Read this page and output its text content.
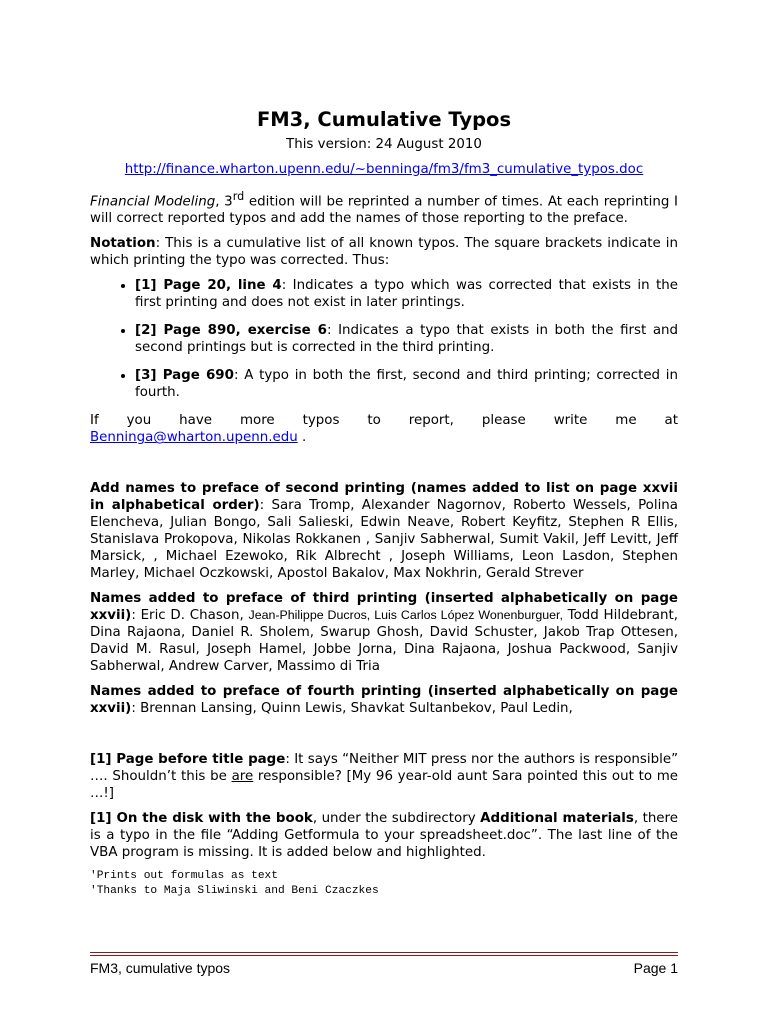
FM3, Cumulative Typos
This version: 24 August 2010
http://finance.wharton.upenn.edu/~benninga/fm3/fm3_cumulative_typos.doc

Financial Modeling, 3rd edition will be reprinted a number of times. At each reprinting I will correct reported typos and add the names of those reporting to the preface.

Notation: This is a cumulative list of all known typos. The square brackets indicate in which printing the typo was corrected. Thus:

• [1] Page 20, line 4: Indicates a typo which was corrected that exists in the first printing and does not exist in later printings.
• [2] Page 890, exercise 6: Indicates a typo that exists in both the first and second printings but is corrected in the third printing.
• [3] Page 690: A typo in both the first, second and third printing; corrected in fourth.
If you have more typos to report, please write me at
Benninga@wharton.upenn.edu .

Add names to preface of second printing (names added to list on page xxvii in alphabetical order): Sara Tromp, Alexander Nagornov, Roberto Wessels, Polina Elencheva, Julian Bongo, Sali Salieski, Edwin Neave, Robert Keyfitz, Stephen R Ellis, Stanislava Prokopova, Nikolas Rokkanen , Sanjiv Sabherwal, Sumit Vakil, Jeff Levitt, Jeff Marsick, , Michael Ezewoko, Rik Albrecht , Joseph Williams, Leon Lasdon, Stephen Marley, Michael Oczkowski, Apostol Bakalov, Max Nokhrin, Gerald Strever

Names added to preface of third printing (inserted alphabetically on page xxvii): Eric D. Chason, Jean-Philippe Ducros, Luis Carlos López Wonenburguer, Todd Hildebrant, Dina Rajaona, Daniel R. Sholem, Swarup Ghosh, David Schuster, Jakob Trap Ottesen, David M. Rasul, Joseph Hamel, Jobbe Jorna, Dina Rajaona, Joshua Packwood, Sanjiv Sabherwal, Andrew Carver, Massimo di Tria

Names added to preface of fourth printing (inserted alphabetically on page xxvii): Brennan Lansing, Quinn Lewis, Shavkat Sultanbekov, Paul Ledin,

[1] Page before title page: It says “Neither MIT press nor the authors is responsible” …. Shouldn’t this be are responsible? [My 96 year-old aunt Sara pointed this out to me …!]

[1] On the disk with the book, under the subdirectory Additional materials, there is a typo in the file “Adding Getformula to your spreadsheet.doc”. The last line of the VBA program is missing. It is added below and highlighted.

'Prints out formulas as text
'Thanks to Maja Sliwinski and Beni Czaczkes
FM3, cumulative typos	Page 1
